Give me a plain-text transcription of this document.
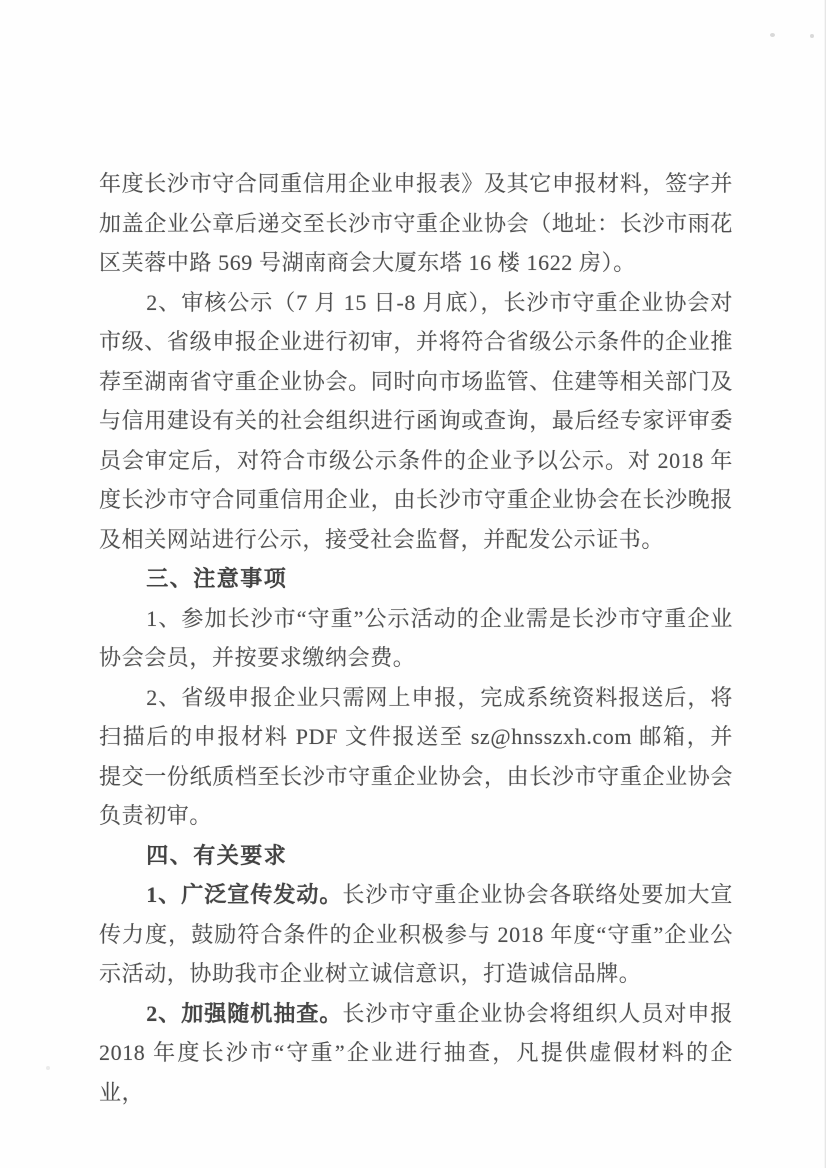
年度长沙市守合同重信用企业申报表》及其它申报材料，签字并加盖企业公章后递交至长沙市守重企业协会（地址：长沙市雨花区芙蓉中路 569 号湖南商会大厦东塔 16 楼 1622 房）。

2、审核公示（7 月 15 日-8 月底），长沙市守重企业协会对市级、省级申报企业进行初审，并将符合省级公示条件的企业推荐至湖南省守重企业协会。同时向市场监管、住建等相关部门及与信用建设有关的社会组织进行函询或查询，最后经专家评审委员会审定后，对符合市级公示条件的企业予以公示。对 2018 年度长沙市守合同重信用企业，由长沙市守重企业协会在长沙晚报及相关网站进行公示，接受社会监督，并配发公示证书。

三、注意事项

1、参加长沙市“守重”公示活动的企业需是长沙市守重企业协会会员，并按要求缴纳会费。

2、省级申报企业只需网上申报，完成系统资料报送后，将扫描后的申报材料 PDF 文件报送至 sz@hnsszxh.com 邮箱，并提交一份纸质档至长沙市守重企业协会，由长沙市守重企业协会负责初审。

四、有关要求

1、广泛宣传发动。长沙市守重企业协会各联络处要加大宣传力度，鼓励符合条件的企业积极参与 2018 年度“守重”企业公示活动，协助我市企业树立诚信意识，打造诚信品牌。

2、加强随机抽查。长沙市守重企业协会将组织人员对申报 2018 年度长沙市“守重”企业进行抽查，凡提供虚假材料的企业，
